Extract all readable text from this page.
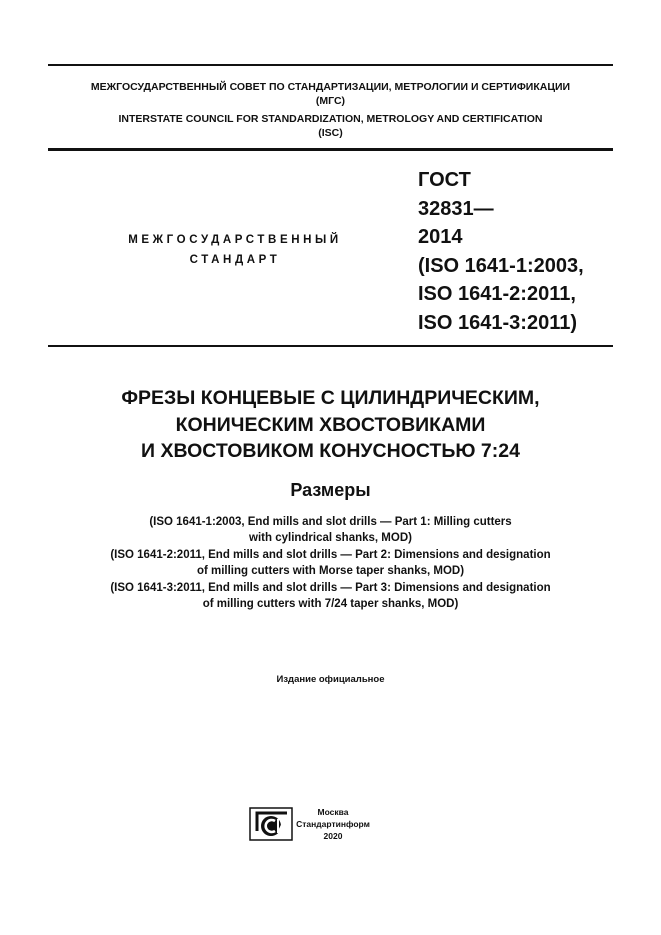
МЕЖГОСУДАРСТВЕННЫЙ СОВЕТ ПО СТАНДАРТИЗАЦИИ, МЕТРОЛОГИИ И СЕРТИФИКАЦИИ
(МГС)
INTERSTATE COUNCIL FOR STANDARDIZATION, METROLOGY AND CERTIFICATION
(ISC)
МЕЖГОСУДАРСТВЕННЫЙ
СТАНДАРТ
ГОСТ
32831—
2014
(ISO 1641-1:2003,
ISO 1641-2:2011,
ISO 1641-3:2011)
ФРЕЗЫ КОНЦЕВЫЕ С ЦИЛИНДРИЧЕСКИМ,
КОНИЧЕСКИМ ХВОСТОВИКАМИ
И ХВОСТОВИКОМ КОНУСНОСТЬЮ 7:24
Размеры
(ISO 1641-1:2003, End mills and slot drills — Part 1: Milling cutters
with cylindrical shanks, MOD)
(ISO 1641-2:2011, End mills and slot drills — Part 2: Dimensions and designation
of milling cutters with Morse taper shanks, MOD)
(ISO 1641-3:2011, End mills and slot drills — Part 3: Dimensions and designation
of milling cutters with 7/24 taper shanks, MOD)
Издание официальное
Москва
Стандартинформ
2020
